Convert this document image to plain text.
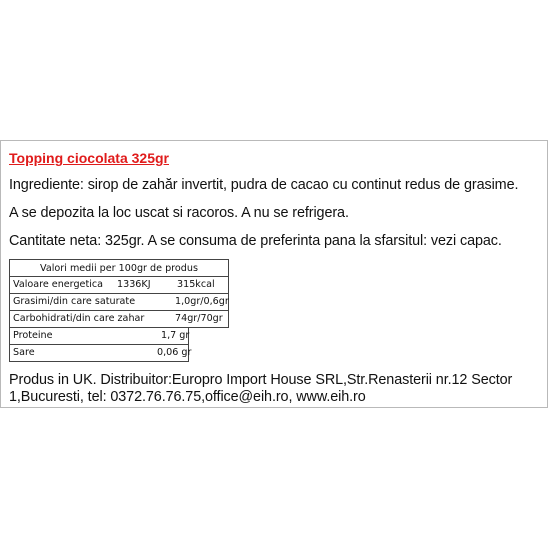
Topping ciocolata 325gr
Ingrediente: sirop de zahăr invertit, pudra de cacao cu continut redus de grasime.
A se depozita la loc uscat si racoros. A nu se refrigera.
Cantitate neta: 325gr. A se consuma de preferinta pana la sfarsitul: vezi capac.
Valori medii per 100gr de produs	

Valoare energetica 1336KJ 315kcal	

Grasimi/din care saturate 1,0gr/0,6gr	

Carbohidrati/din care zahar 74gr/70gr	

Proteine 1,7 gr	

Sare 0,06 gr	

Produs in UK. Distribuitor:Europro Import House SRL,Str.Renasterii nr.12 Sector 1,Bucuresti, tel: 0372.76.76.75,office@eih.ro, www.eih.ro
